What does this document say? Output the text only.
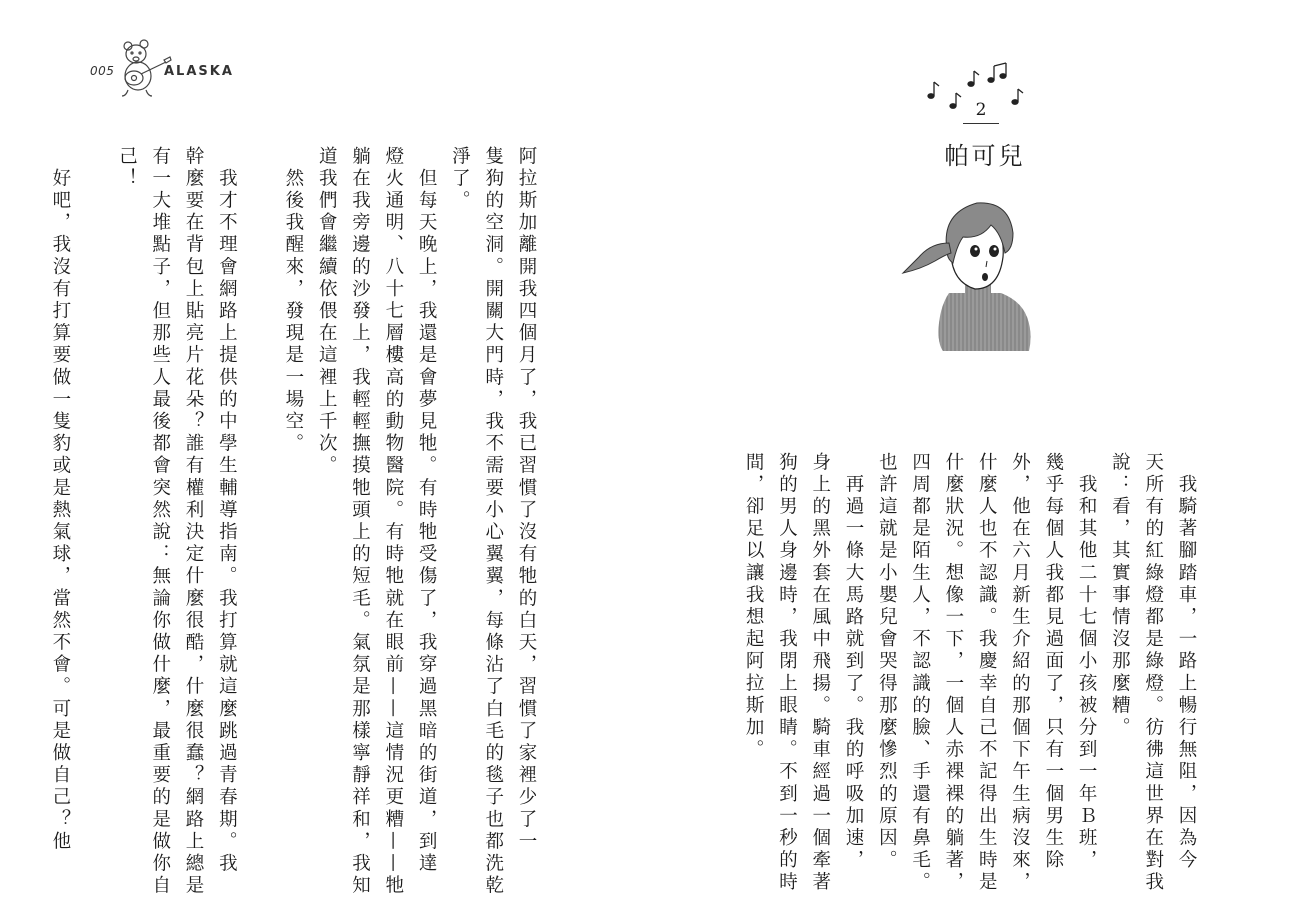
005	ALASKA
阿拉斯加離開我四個月了，我已習慣了沒有牠的白天，習慣了家裡少了一
隻狗的空洞。開關大門時，我不需要小心翼翼，每條沾了白毛的毯子也都洗乾
淨了。
　但每天晚上，我還是會夢見牠。有時牠受傷了，我穿過黑暗的街道，到達
燈火通明、八十七層樓高的動物醫院。有時牠就在眼前——這情況更糟——牠
躺在我旁邊的沙發上，我輕輕撫摸牠頭上的短毛。氣氛是那樣寧靜祥和，我知
道我們會繼續依偎在這裡上千次。
　然後我醒來，發現是一場空。

　我才不理會網路上提供的中學生輔導指南。我打算就這麼跳過青春期。我
幹麼要在背包上貼亮片花朵？誰有權利決定什麼很酷，什麼很蠢？網路上總是
有一大堆點子，但那些人最後都會突然說：無論你做什麼，最重要的是做你自
己！

　好吧，我沒有打算要做一隻豹或是熱氣球，當然不會。可是做自己？他
2
帕可兒
　我騎著腳踏車，一路上暢行無阻，因為今
天所有的紅綠燈都是綠燈。彷彿這世界在對我
說：看，其實事情沒那麼糟。
　我和其他二十七個小孩被分到一年Ｂ班，
幾乎每個人我都見過面了，只有一個男生除
外，他在六月新生介紹的那個下午生病沒來，
什麼人也不認識。我慶幸自己不記得出生時是
什麼狀況。想像一下，一個人赤裸裸的躺著，
四周都是陌生人，不認識的臉、手還有鼻毛。
也許這就是小嬰兒會哭得那麼慘烈的原因。
　再過一條大馬路就到了。我的呼吸加速，
身上的黑外套在風中飛揚。騎車經過一個牽著
狗的男人身邊時，我閉上眼睛。不到一秒的時
間，卻足以讓我想起阿拉斯加。
